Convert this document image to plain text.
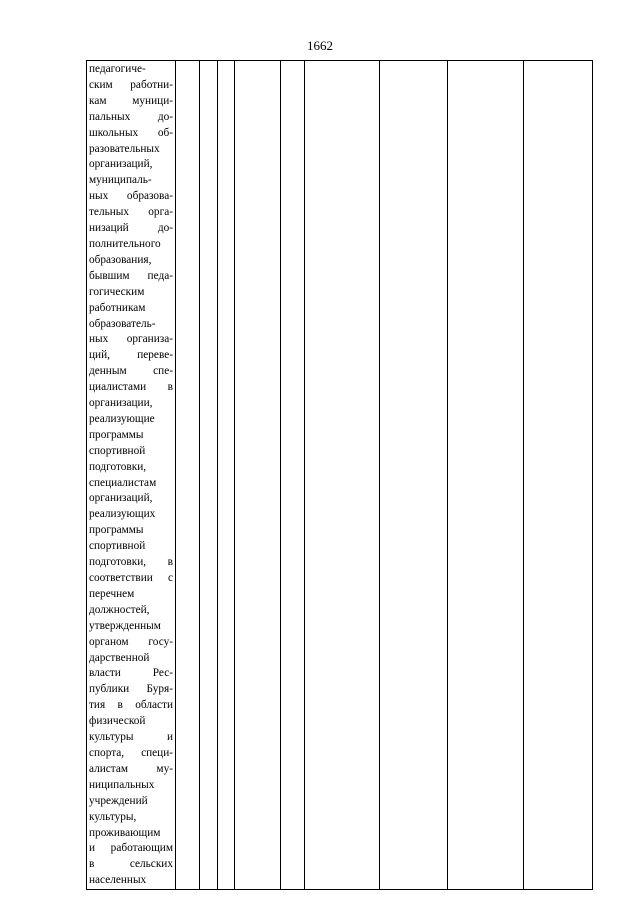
1662
педагогиче-
ским работни-
кам муници-
пальных до-
школьных об-
разовательных
организаций,
муниципаль-
ных образова-
тельных орга-
низаций до-
полнительного
образования,
бывшим педа-
гогическим
работникам
образователь-
ных организа-
ций, переве-
денным спе-
циалистами в
организации,
реализующие
программы
спортивной
подготовки,
специалистам
организаций,
реализующих
программы
спортивной
подготовки, в
соответствии с
перечнем
должностей,
утвержденным
органом госу-
дарственной
власти Рес-
публики Буря-
тия в области
физической
культуры и
спорта, специ-
алистам му-
ниципальных
учреждений
культуры,
проживающим
и работающим
в сельских
населенных
